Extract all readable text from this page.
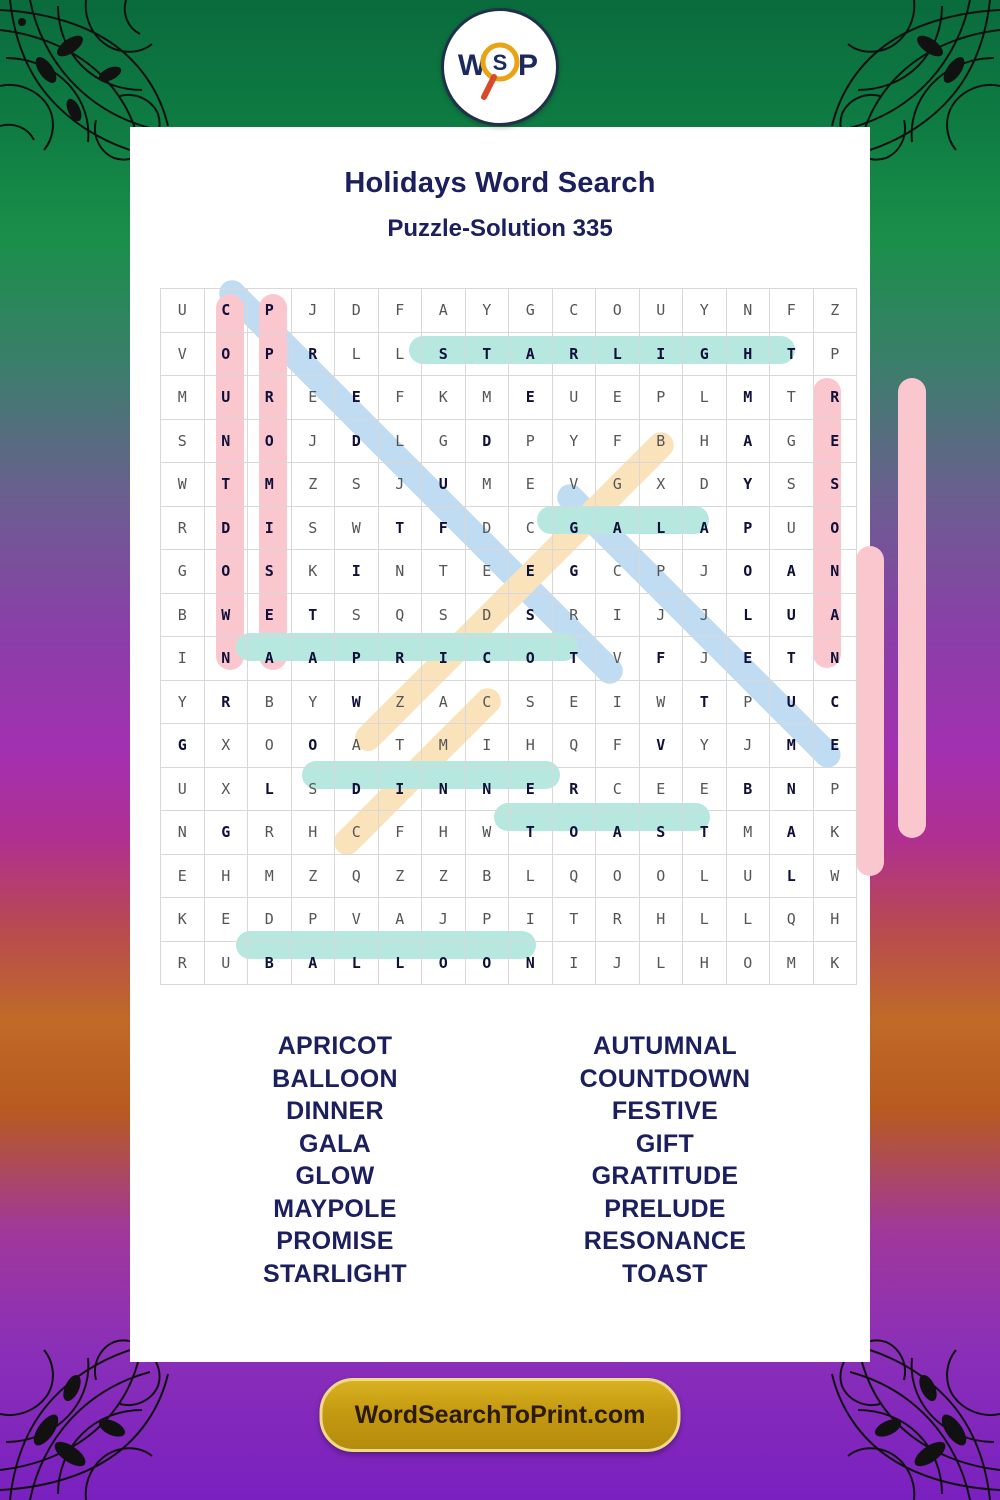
W P
S
Holidays Word Search
Puzzle-Solution 335
U	C	P	J	D	F	A	Y	G	C	O	U	Y	N	F	Z
V	O	P	R	L	L	S	T	A	R	L	I	G	H	T	P
M	U	R	E	E	F	K	M	E	U	E	P	L	M	T	R
S	N	O	J	D	L	G	D	P	Y	F	B	H	A	G	E
W	T	M	Z	S	J	U	M	E	V	G	X	D	Y	S	S
R	D	I	S	W	T	F	D	C	G	A	L	A	P	U	O
G	O	S	K	I	N	T	E	E	G	C	P	J	O	A	N
B	W	E	T	S	Q	S	D	S	R	I	J	J	L	U	A
I	N	A	A	P	R	I	C	O	T	V	F	J	E	T	N
Y	R	B	Y	W	Z	A	C	S	E	I	W	T	P	U	C
G	X	O	O	A	T	M	I	H	Q	F	V	Y	J	M	E
U	X	L	S	D	I	N	N	E	R	C	E	E	B	N	P
N	G	R	H	C	F	H	W	T	O	A	S	T	M	A	K
E	H	M	Z	Q	Z	Z	B	L	Q	O	O	L	U	L	W
K	E	D	P	V	A	J	P	I	T	R	H	L	L	Q	H
R	U	B	A	L	L	O	O	N	I	J	L	H	O	M	K
APRICOT
BALLOON
DINNER
GALA
GLOW
MAYPOLE
PROMISE
STARLIGHT
AUTUMNAL
COUNTDOWN
FESTIVE
GIFT
GRATITUDE
PRELUDE
RESONANCE
TOAST
WordSearchToPrint.com
